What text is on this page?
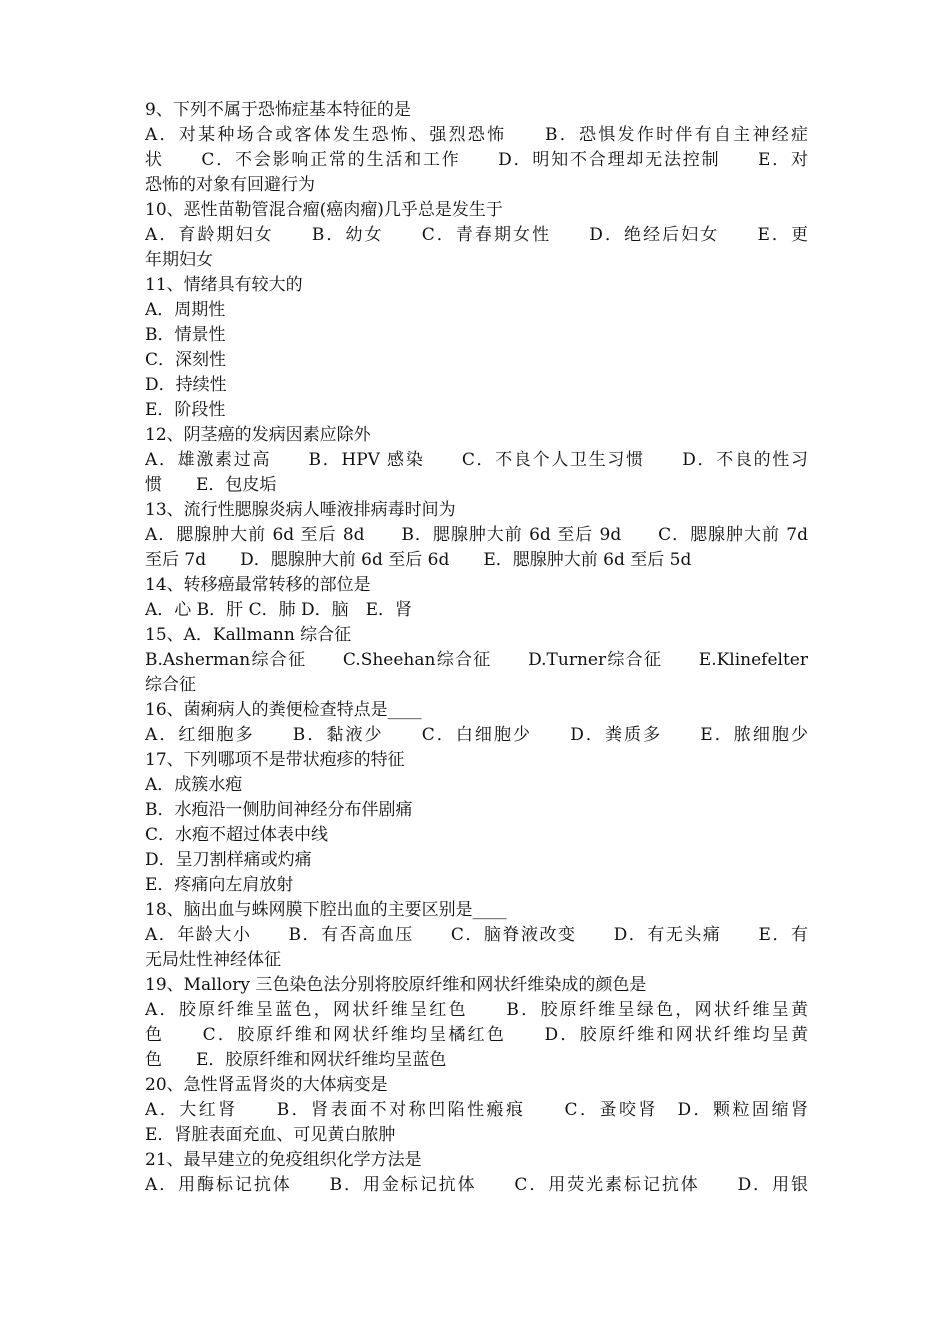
9、下列不属于恐怖症基本特征的是
A．对某种场合或客体发生恐怖、强烈恐怖　　B．恐惧发作时伴有自主神经症
状　　C．不会影响正常的生活和工作　　D．明知不合理却无法控制　　E．对
恐怖的对象有回避行为
10、恶性苗勒管混合瘤(癌肉瘤)几乎总是发生于
A．育龄期妇女　　B．幼女　　C．青春期女性　　D．绝经后妇女　　E．更
年期妇女
11、情绪具有较大的
A．周期性
B．情景性
C．深刻性
D．持续性
E．阶段性
12、阴茎癌的发病因素应除外
A．雄激素过高　　B．HPV 感染　　C．不良个人卫生习惯　　D．不良的性习
惯　　E．包皮垢
13、流行性腮腺炎病人唾液排病毒时间为
A．腮腺肿大前 6d 至后 8d　　B．腮腺肿大前 6d 至后 9d　　C．腮腺肿大前 7d
至后 7d　　D．腮腺肿大前 6d 至后 6d　　E．腮腺肿大前 6d 至后 5d
14、转移癌最常转移的部位是
A．心 B．肝 C．肺 D．脑　E．肾
15、A．Kallmann 综合征
B.Asherman综合征　　C.Sheehan综合征　　D.Turner综合征　　E.Klinefelter
综合征
16、菌痢病人的粪便检查特点是____
A．红细胞多　　B．黏液少　　C．白细胞少　　D．粪质多　　E．脓细胞少
17、下列哪项不是带状疱疹的特征
A．成簇水疱
B．水疱沿一侧肋间神经分布伴剧痛
C．水疱不超过体表中线
D．呈刀割样痛或灼痛
E．疼痛向左肩放射
18、脑出血与蛛网膜下腔出血的主要区别是____
A．年龄大小　　B．有否高血压　　C．脑脊液改变　　D．有无头痛　　E．有
无局灶性神经体征
19、Mallory 三色染色法分别将胶原纤维和网状纤维染成的颜色是
A．胶原纤维呈蓝色，网状纤维呈红色　　B．胶原纤维呈绿色，网状纤维呈黄
色　　C．胶原纤维和网状纤维均呈橘红色　　D．胶原纤维和网状纤维均呈黄
色　　E．胶原纤维和网状纤维均呈蓝色
20、急性肾盂肾炎的大体病变是
A．大红肾　　B．肾表面不对称凹陷性瘢痕　　C．蚤咬肾　D．颗粒固缩肾
E．肾脏表面充血、可见黄白脓肿
21、最早建立的免疫组织化学方法是
A．用酶标记抗体　　B．用金标记抗体　　C．用荧光素标记抗体　　D．用银
